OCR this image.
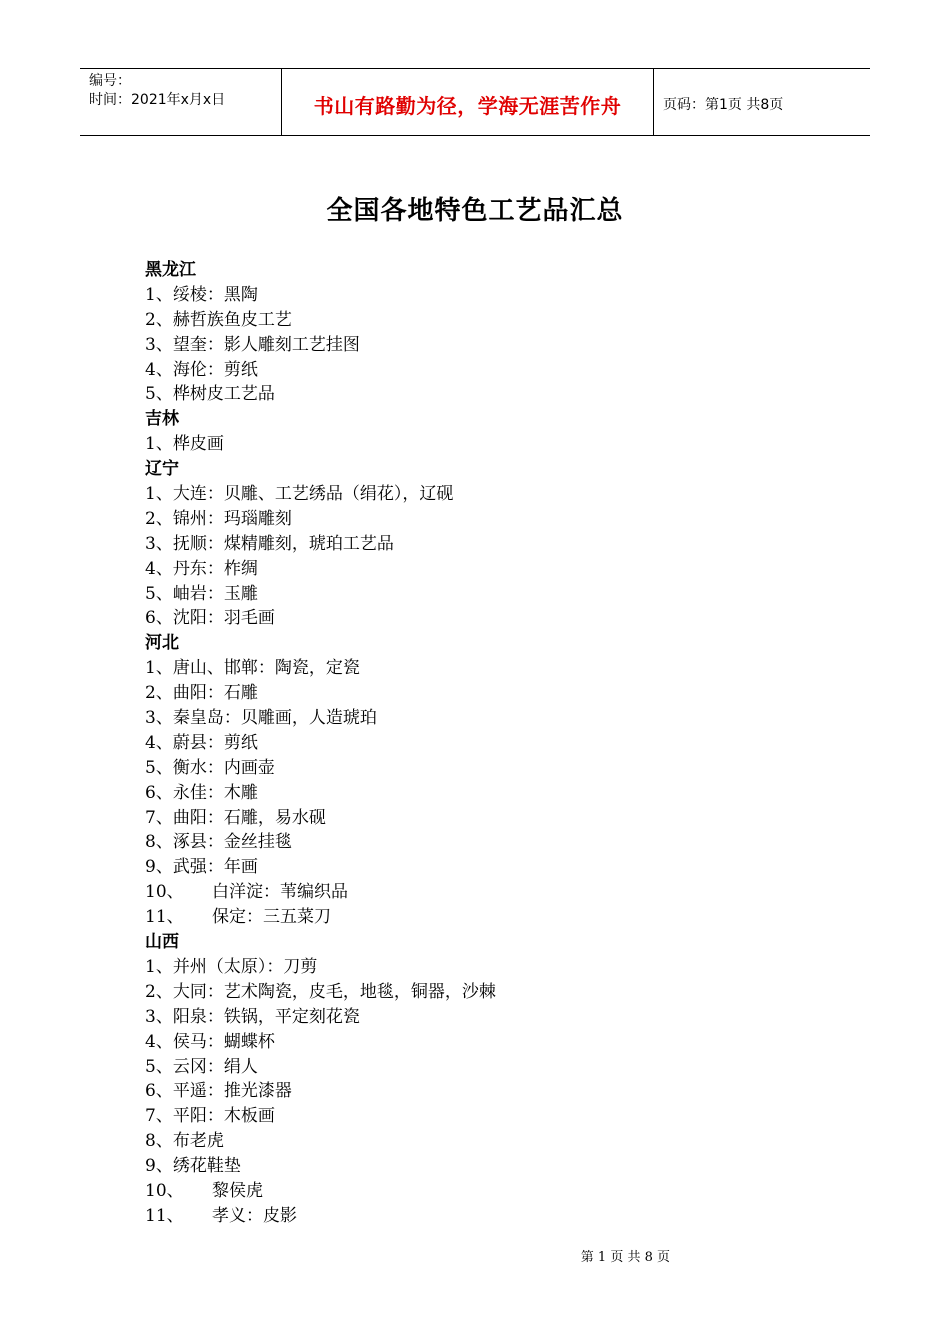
编号：
时间：2021年x月x日	书山有路勤为径，学海无涯苦作舟	页码：第1页 共8页
全国各地特色工艺品汇总
黑龙江
1、绥棱：黑陶
2、赫哲族鱼皮工艺
3、望奎：影人雕刻工艺挂图
4、海伦：剪纸
5、桦树皮工艺品
吉林
1、桦皮画
辽宁
1、大连：贝雕、工艺绣品（绢花），辽砚
2、锦州：玛瑙雕刻
3、抚顺：煤精雕刻，琥珀工艺品
4、丹东：柞绸
5、岫岩：玉雕
6、沈阳：羽毛画
河北
1、唐山、邯郸：陶瓷，定瓷
2、曲阳：石雕
3、秦皇岛：贝雕画，人造琥珀
4、蔚县：剪纸
5、衡水：内画壶
6、永佳：木雕
7、曲阳：石雕，易水砚
8、涿县：金丝挂毯
9、武强：年画
10、 白洋淀：苇编织品
11、 保定：三五菜刀
山西
1、并州（太原）：刀剪
2、大同：艺术陶瓷，皮毛，地毯，铜器，沙棘
3、阳泉：铁锅，平定刻花瓷
4、侯马：蝴蝶杯
5、云冈：绢人
6、平遥：推光漆器
7、平阳：木板画
8、布老虎
9、绣花鞋垫
10、 黎侯虎
11、 孝义：皮影
第 1 页 共 8 页
